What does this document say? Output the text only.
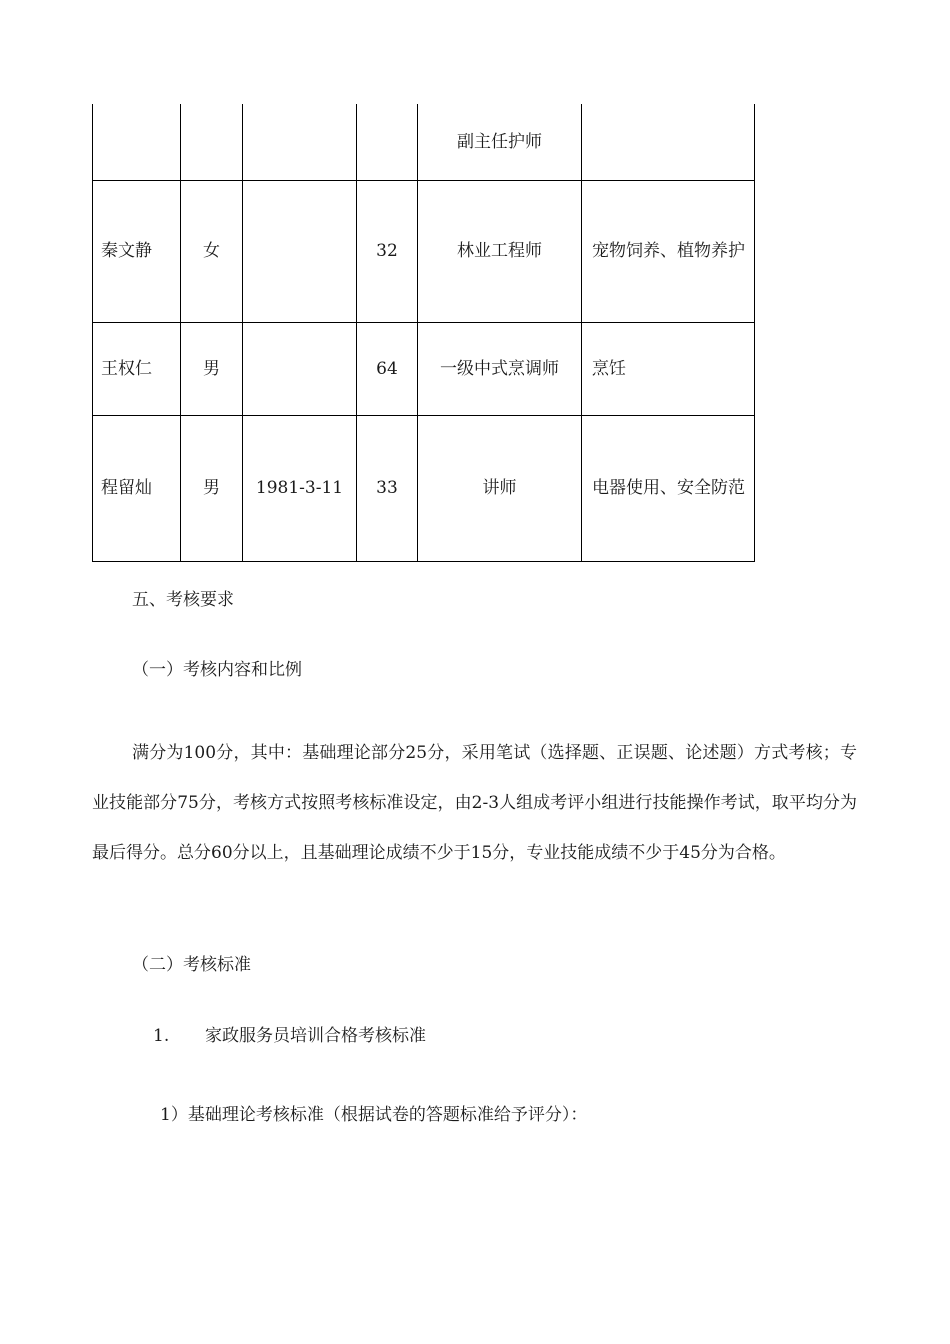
				副主任护师	
秦文静	女		32	林业工程师	宠物饲养、植物养护
王权仁	男		64	一级中式烹调师	烹饪
程留灿	男	1981-3-11	33	讲师	电器使用、安全防范

五、考核要求

（一）考核内容和比例

满分为100分，其中：基础理论部分25分，采用笔试（选择题、正误题、论述题）方式考核；专业技能部分75分，考核方式按照考核标准设定，由2-3人组成考评小组进行技能操作考试，取平均分为最后得分。总分60分以上，且基础理论成绩不少于15分，专业技能成绩不少于45分为合格。

（二）考核标准

1. 家政服务员培训合格考核标准

1）基础理论考核标准（根据试卷的答题标准给予评分）：
